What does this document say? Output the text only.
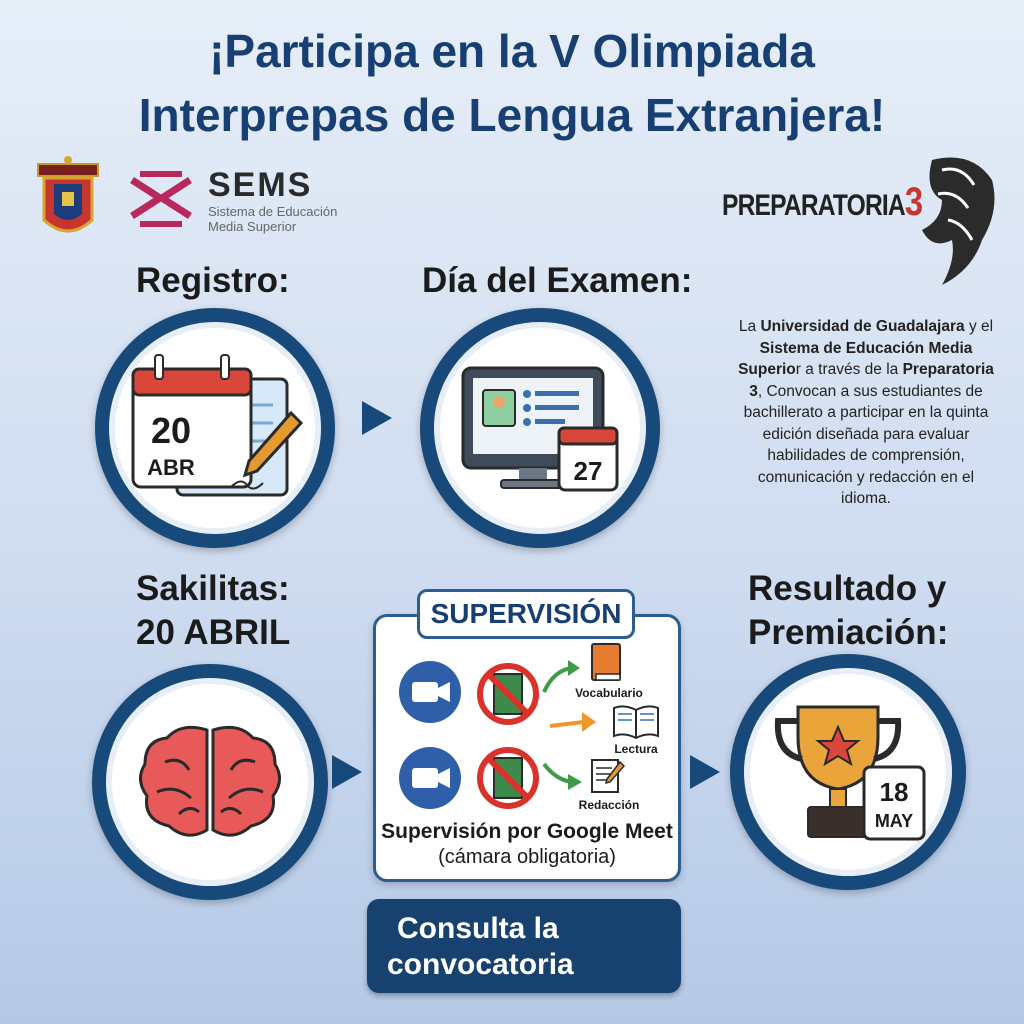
¡Participa en la V Olimpiada
Interprepas de Lengua Extranjera!
SEMS
Sistema de Educación
Media Superior
PREPARATORIA3
Registro:	Día del Examen:
20
ABR	27
La Universidad de Guadalajara y el Sistema de Educación Media Superior a través de la Preparatoria 3, Convocan a sus estudiantes de bachillerato a participar en la quinta edición diseñada para evaluar habilidades de comprensión, comunicación y redacción en el idioma.
Sakilitas:
20 ABRIL	SUPERVISIÓN
Vocabulario
Lectura
Redacción
Supervisión por Google Meet
(cámara obligatoria)
Resultado y
Premiación:
18
MAY
Consulta la
convocatoria
